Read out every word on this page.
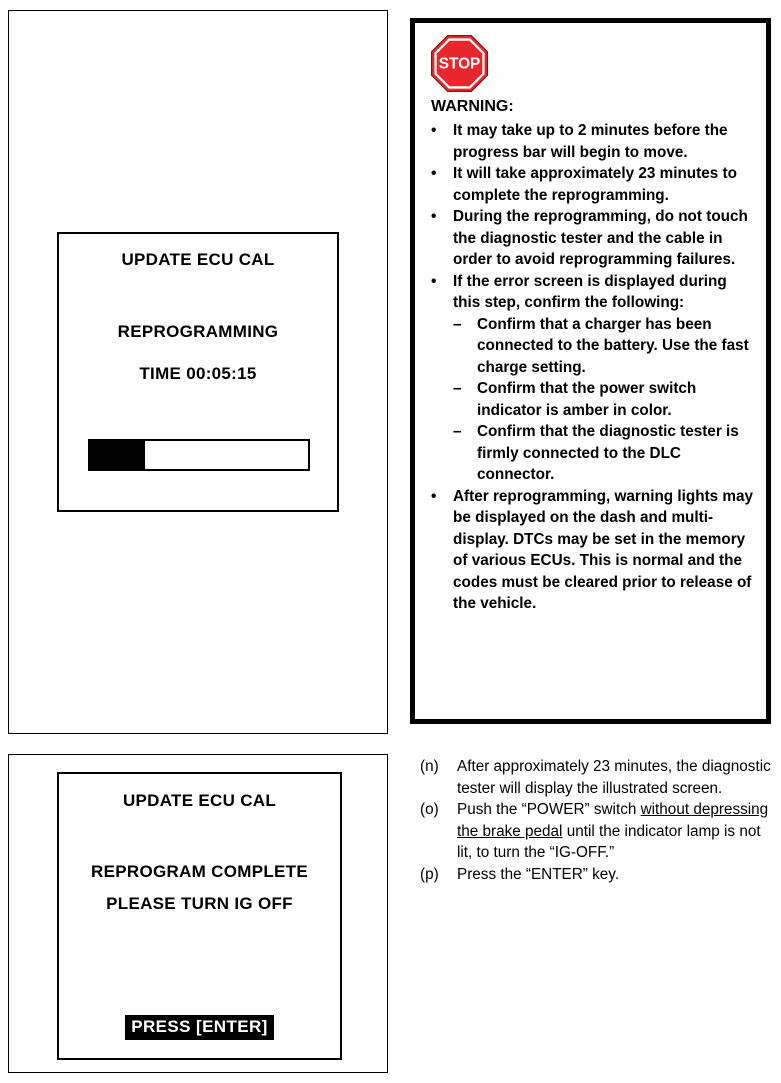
UPDATE ECU CAL
REPROGRAMMING
TIME 00:05:15
STOP
WARNING:
•	It may take up to 2 minutes before the progress bar will begin to move.
•	It will take approximately 23 minutes to complete the reprogramming.
•	During the reprogramming, do not touch the diagnostic tester and the cable in order to avoid reprogramming failures.
•	If the error screen is displayed during this step, confirm the following:
–	Confirm that a charger has been connected to the battery. Use the fast charge setting.
–	Confirm that the power switch indicator is amber in color.
–	Confirm that the diagnostic tester is firmly connected to the DLC connector.
•	After reprogramming, warning lights may be displayed on the dash and multi-display. DTCs may be set in the memory of various ECUs. This is normal and the codes must be cleared prior to release of the vehicle.
UPDATE ECU CAL
REPROGRAM COMPLETE
PLEASE TURN IG OFF
PRESS [ENTER]
(n)	After approximately 23 minutes, the diagnostic tester will display the illustrated screen.
(o)	Push the “POWER” switch without depressing the brake pedal until the indicator lamp is not lit, to turn the “IG-OFF.”
(p)	Press the “ENTER” key.
